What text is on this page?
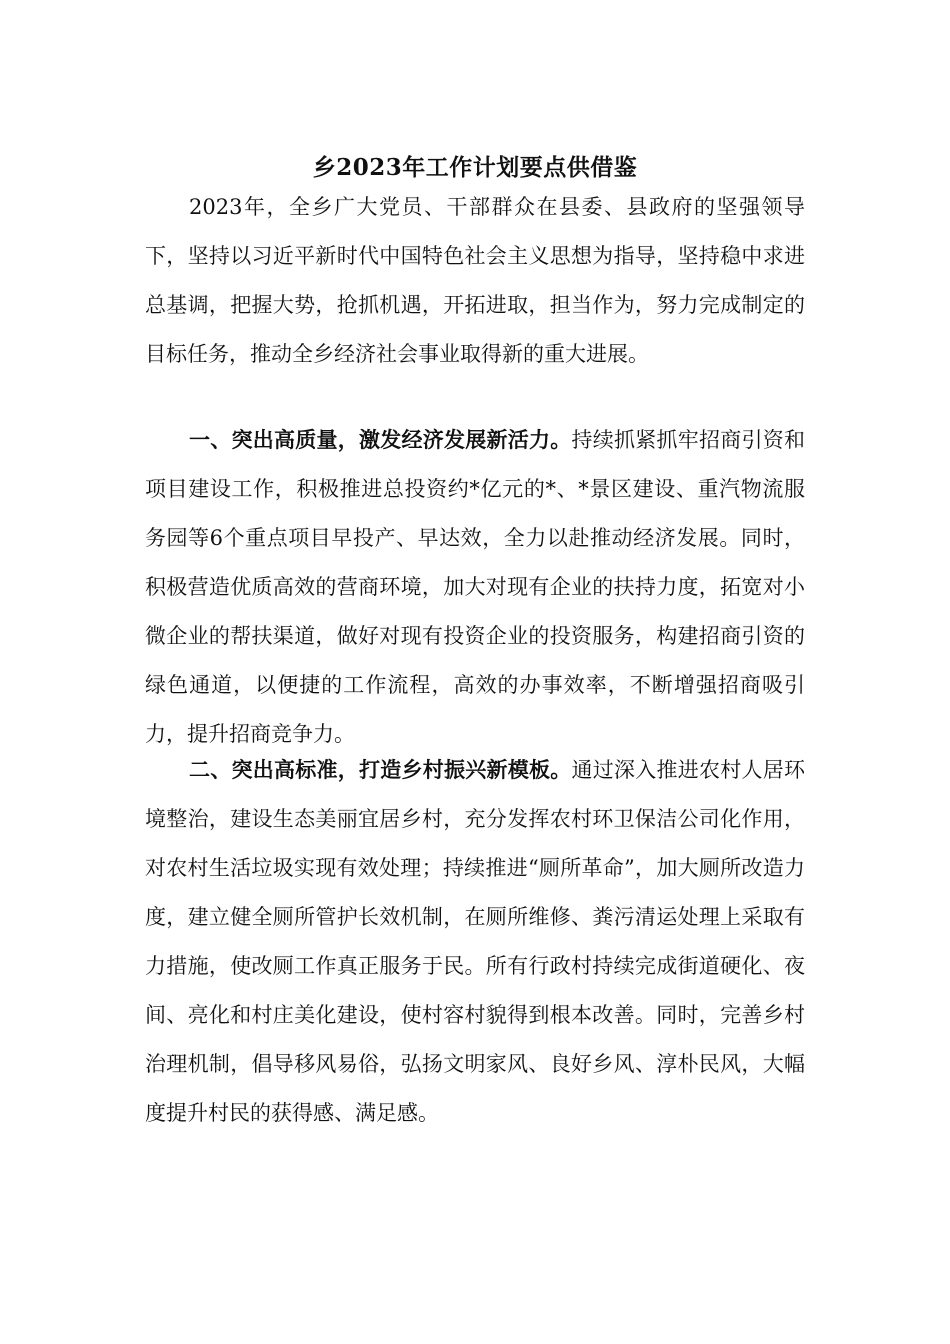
乡2023年工作计划要点供借鉴

2023年，全乡广大党员、干部群众在县委、县政府的坚强领导下，坚持以习近平新时代中国特色社会主义思想为指导，坚持稳中求进总基调，把握大势，抢抓机遇，开拓进取，担当作为，努力完成制定的目标任务，推动全乡经济社会事业取得新的重大进展。

一、突出高质量，激发经济发展新活力。持续抓紧抓牢招商引资和项目建设工作，积极推进总投资约*亿元的*、*景区建设、重汽物流服务园等6个重点项目早投产、早达效，全力以赴推动经济发展。同时，积极营造优质高效的营商环境，加大对现有企业的扶持力度，拓宽对小微企业的帮扶渠道，做好对现有投资企业的投资服务，构建招商引资的绿色通道，以便捷的工作流程，高效的办事效率，不断增强招商吸引力，提升招商竞争力。

二、突出高标准，打造乡村振兴新模板。通过深入推进农村人居环境整治，建设生态美丽宜居乡村，充分发挥农村环卫保洁公司化作用，对农村生活垃圾实现有效处理；持续推进“厕所革命”，加大厕所改造力度，建立健全厕所管护长效机制，在厕所维修、粪污清运处理上采取有力措施，使改厕工作真正服务于民。所有行政村持续完成街道硬化、夜间、亮化和村庄美化建设，使村容村貌得到根本改善。同时，完善乡村治理机制，倡导移风易俗，弘扬文明家风、良好乡风、淳朴民风，大幅度提升村民的获得感、满足感。
